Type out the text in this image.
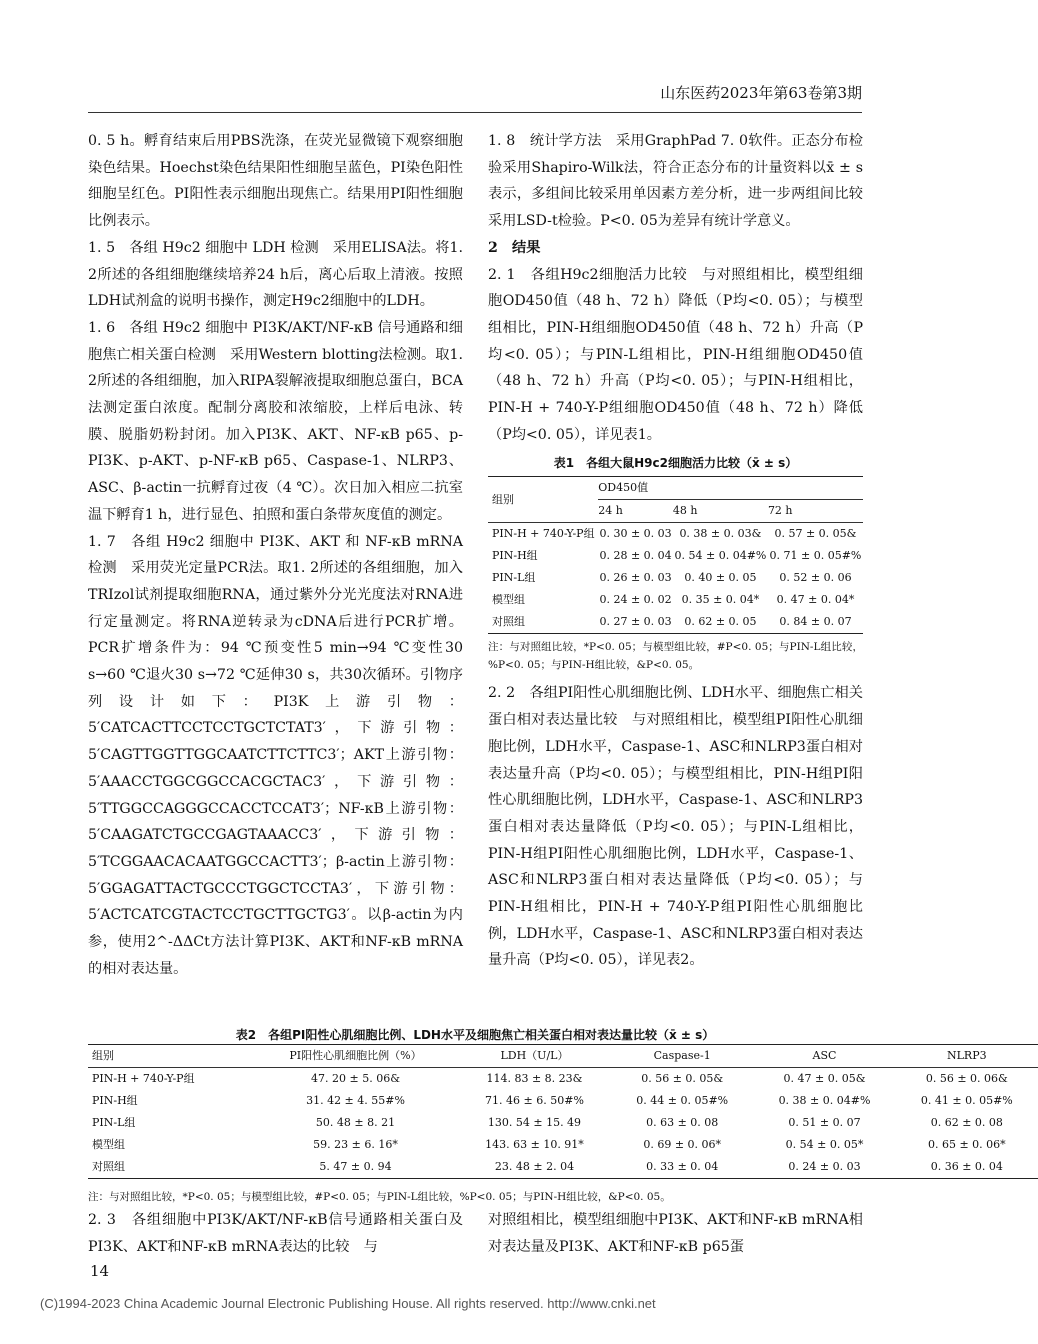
山东医药2023年第63卷第3期

0. 5 h。孵育结束后用PBS洗涤，在荧光显微镜下观察细胞染色结果。Hoechst染色结果阳性细胞呈蓝色，PI染色阳性细胞呈红色。PI阳性表示细胞出现焦亡。结果用PI阳性细胞比例表示。

1. 5　各组 H9c2 细胞中 LDH 检测　采用ELISA法。将1. 2所述的各组细胞继续培养24 h后，离心后取上清液。按照LDH试剂盒的说明书操作，测定H9c2细胞中的LDH。

1. 6　各组 H9c2 细胞中 PI3K/AKT/NF-κB 信号通路和细胞焦亡相关蛋白检测　采用Western blotting法检测。取1. 2所述的各组细胞，加入RIPA裂解液提取细胞总蛋白，BCA法测定蛋白浓度。配制分离胶和浓缩胶，上样后电泳、转膜、脱脂奶粉封闭。加入PI3K、AKT、NF-κB p65、p-PI3K、p-AKT、p-NF-κB p65、Caspase-1、NLRP3、ASC、β-actin一抗孵育过夜（4 ℃）。次日加入相应二抗室温下孵育1 h，进行显色、拍照和蛋白条带灰度值的测定。

1. 7　各组 H9c2 细胞中 PI3K、AKT 和 NF-κB mRNA检测　采用荧光定量PCR法。取1. 2所述的各组细胞，加入TRIzol试剂提取细胞RNA，通过紫外分光光度法对RNA进行定量测定。将RNA逆转录为cDNA后进行PCR扩增。PCR扩增条件为：94 ℃预变性5 min→94 ℃变性30 s→60 ℃退火30 s→72 ℃延伸30 s，共30次循环。引物序列设计如下：PI3K上游引物：5′CATCACTTCCTCCTGCTCTAT3′，下游引物：5′CAGTTGGTTGGCAATCTTCTTC3′；AKT上游引物：5′AAACCTGGCGGCCACGCTAC3′，下游引物：5′TTGGCCAGGGCCACCTCCAT3′；NF-κB上游引物：5′CAAGATCTGCCGAGTAAACC3′，下游引物：5′TCGGAACACAATGGCCACTT3′；β-actin上游引物：5′GGAGATTACTGCCCTGGCTCCTA3′，下游引物：5′ACTCATCGTACTCCTGCTTGCTG3′。以β-actin为内参，使用2^-ΔΔCt方法计算PI3K、AKT和NF-κB mRNA的相对表达量。

1. 8　统计学方法　采用GraphPad 7. 0软件。正态分布检验采用Shapiro-Wilk法，符合正态分布的计量资料以x̄ ± s表示，多组间比较采用单因素方差分析，进一步两组间比较采用LSD-t检验。P<0. 05为差异有统计学意义。

2　结果

2. 1　各组H9c2细胞活力比较　与对照组相比，模型组细胞OD450值（48 h、72 h）降低（P均<0. 05）；与模型组相比，PIN-H组细胞OD450值（48 h、72 h）升高（P均<0. 05）；与PIN-L组相比，PIN-H组细胞OD450值（48 h、72 h）升高（P均<0. 05）；与PIN-H组相比，PIN-H + 740-Y-P组细胞OD450值（48 h、72 h）降低（P均<0. 05），详见表1。

表1　各组大鼠H9c2细胞活力比较（x̄ ± s）
组别	OD450值		
	24 h	48 h	72 h
PIN-H + 740-Y-P组	0. 30 ± 0. 03	0. 38 ± 0. 03&	0. 57 ± 0. 05&
PIN-H组	0. 28 ± 0. 04	0. 54 ± 0. 04#%	0. 71 ± 0. 05#%
PIN-L组	0. 26 ± 0. 03	0. 40 ± 0. 05	0. 52 ± 0. 06
模型组	0. 24 ± 0. 02	0. 35 ± 0. 04*	0. 47 ± 0. 04*
对照组	0. 27 ± 0. 03	0. 62 ± 0. 05	0. 84 ± 0. 07
注：与对照组比较，*P<0. 05；与模型组比较，#P<0. 05；与PIN-L组比较，%P<0. 05；与PIN-H组比较，&P<0. 05。

2. 2　各组PI阳性心肌细胞比例、LDH水平、细胞焦亡相关蛋白相对表达量比较　与对照组相比，模型组PI阳性心肌细胞比例，LDH水平，Caspase-1、ASC和NLRP3蛋白相对表达量升高（P均<0. 05）；与模型组相比，PIN-H组PI阳性心肌细胞比例，LDH水平，Caspase-1、ASC和NLRP3蛋白相对表达量降低（P均<0. 05）；与PIN-L组相比，PIN-H组PI阳性心肌细胞比例，LDH水平，Caspase-1、ASC和NLRP3蛋白相对表达量降低（P均<0. 05）；与PIN-H组相比，PIN-H + 740-Y-P组PI阳性心肌细胞比例，LDH水平，Caspase-1、ASC和NLRP3蛋白相对表达量升高（P均<0. 05），详见表2。

表2　各组PI阳性心肌细胞比例、LDH水平及细胞焦亡相关蛋白相对表达量比较（x̄ ± s）
组别	PI阳性心肌细胞比例（%）	LDH（U/L）	Caspase-1	ASC	NLRP3
PIN-H + 740-Y-P组	47. 20 ± 5. 06&	114. 83 ± 8. 23&	0. 56 ± 0. 05&	0. 47 ± 0. 05&	0. 56 ± 0. 06&
PIN-H组	31. 42 ± 4. 55#%	71. 46 ± 6. 50#%	0. 44 ± 0. 05#%	0. 38 ± 0. 04#%	0. 41 ± 0. 05#%
PIN-L组	50. 48 ± 8. 21	130. 54 ± 15. 49	0. 63 ± 0. 08	0. 51 ± 0. 07	0. 62 ± 0. 08
模型组	59. 23 ± 6. 16*	143. 63 ± 10. 91*	0. 69 ± 0. 06*	0. 54 ± 0. 05*	0. 65 ± 0. 06*
对照组	5. 47 ± 0. 94	23. 48 ± 2. 04	0. 33 ± 0. 04	0. 24 ± 0. 03	0. 36 ± 0. 04
注：与对照组比较，*P<0. 05；与模型组比较，#P<0. 05；与PIN-L组比较，%P<0. 05；与PIN-H组比较，&P<0. 05。
2. 3　各组细胞中PI3K/AKT/NF-κB信号通路相关蛋白及PI3K、AKT和NF-κB mRNA表达的比较　与
对照组相比，模型组细胞中PI3K、AKT和NF-κB mRNA相对表达量及PI3K、AKT和NF-κB p65蛋
14
(C)1994-2023 China Academic Journal Electronic Publishing House. All rights reserved. http://www.cnki.net
